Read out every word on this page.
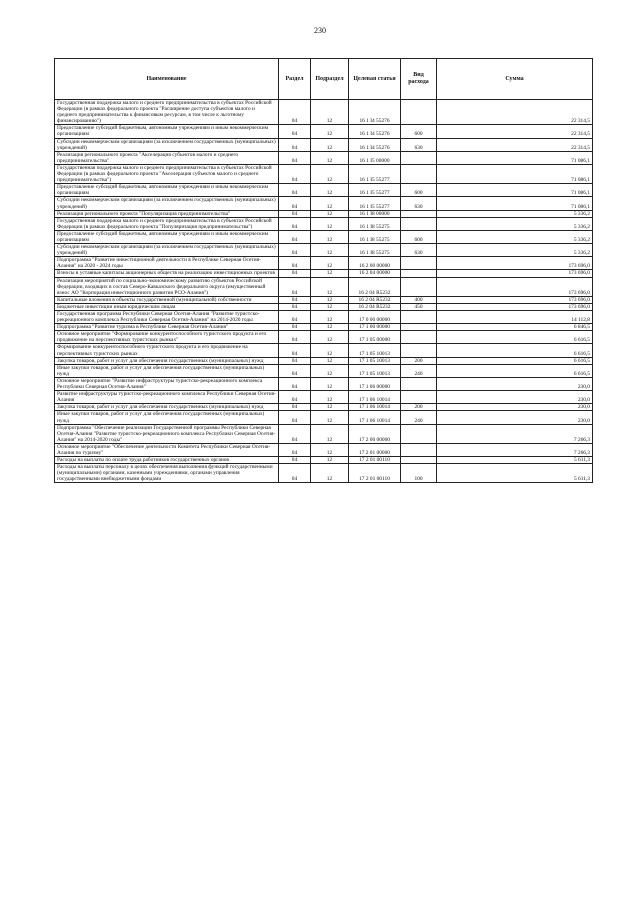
230
Наименование	Раздел	Подраздел	Целевая статья	Вид расхода	Сумма
Государственная поддержка малого и среднего предпринимательства в субъектах Российской Федерации (в рамках федерального проекта "Расширение доступа субъектов малого и среднего предпринимательства к финансовым ресурсам, в том числе к льготному финансированию")	04	12	16 1 I4 55276		22 314,5
Предоставление субсидий бюджетным, автономным учреждениям и иным некоммерческим организациям	04	12	16 1 I4 55276	600	22 314,5
Субсидии некоммерческим организациям (за исключением государственных (муниципальных) учреждений)	04	12	16 1 I4 55276	630	22 314,5
Реализация регионального проекта "Акселерация субъектов малого и среднего предпринимательства"	04	12	16 1 I5 00000		71 086,1
Государственная поддержка малого и среднего предпринимательства в субъектах Российской Федерации (в рамках федерального проекта "Акселерация субъектов малого и среднего предпринимательства")	04	12	16 1 I5 55277		71 086,1
Предоставление субсидий бюджетным, автономным учреждениям и иным некоммерческим организациям	04	12	16 1 I5 55277	600	71 086,1
Субсидии некоммерческим организациям (за исключением государственных (муниципальных) учреждений)	04	12	16 1 I5 55277	630	71 086,1
Реализация регионального проекта "Популяризация предпринимательства"	04	12	16 1 I8 00000		5 336,2
Государственная поддержка малого и среднего предпринимательства в субъектах Российской Федерации (в рамках федерального проекта "Популяризация предпринимательства")	04	12	16 1 I8 55275		5 336,2
Предоставление субсидий бюджетным, автономным учреждениям и иным некоммерческим организациям	04	12	16 1 I8 55275	600	5 336,2
Субсидии некоммерческим организациям (за исключением государственных (муниципальных) учреждений)	04	12	16 1 I8 55275	630	5 336,2
Подпрограмма "Развитие инвестиционной деятельности в Республике Северная Осетия-Алания" на 2020 - 2024 годы	04	12	16 2 00 00000		173 696,0
Взносы в уставные капиталы акционерных обществ на реализацию инвестиционных проектов	04	12	16 2 04 00000		173 696,0
Реализация мероприятий по социально-экономическому развитию субъектов Российской Федерации, входящих в состав Северо-Кавказского федерального округа (имущественный взнос АО "Корпорация инвестиционного развития РСО-Алания")	04	12	16 2 04 R5232		173 696,0
Капитальные вложения в объекты государственной (муниципальной) собственности	04	12	16 2 04 R5232	400	173 696,0
Бюджетные инвестиции иным юридическим лицам	04	12	16 2 04 R5232	450	173 696,0
Государственная программа Республики Северная Осетия-Алания "Развитие туристско-рекреационного комплекса Республики Северная Осетия-Алания" на 2014-2020 годы	04	12	17 0 00 00000		14 112,8
Подпрограмма "Развитие туризма в Республике Северная Осетия-Алания"	04	12	17 1 00 00000		6 846,5
Основное мероприятие "Формирование конкурентоспособного туристского продукта и его продвижение на перспективных туристских рынках"	04	12	17 1 05 00000		6 616,5
Формирование конкурентоспособного туристского продукта и его продвижение на перспективных туристских рынках	04	12	17 1 05 10013		6 616,5
Закупка товаров, работ и услуг для обеспечения государственных (муниципальных) нужд	04	12	17 1 05 10013	200	6 616,5
Иные закупки товаров, работ и услуг для обеспечения государственных (муниципальных) нужд	04	12	17 1 05 10013	240	6 616,5
Основное мероприятие "Развитие инфраструктуры туристско-рекреационного комплекса Республики Северная Осетия-Алания"	04	12	17 1 06 00000		230,0
Развитие инфраструктуры туристско-рекреационного комплекса Республики Северная Осетия-Алания	04	12	17 1 06 10014		230,0
Закупка товаров, работ и услуг для обеспечения государственных (муниципальных) нужд	04	12	17 1 06 10014	200	230,0
Иные закупки товаров, работ и услуг для обеспечения государственных (муниципальных) нужд	04	12	17 1 06 10014	240	230,0
Подпрограмма "Обеспечение реализации Государственной программы Республики Северная Осетия-Алания "Развитие туристско-рекреационного комплекса Республики Северная Осетия-Алания" на 2014-2020 годы"	04	12	17 2 00 00000		7 266,3
Основное мероприятие "Обеспечение деятельности Комитета Республики Северная Осетия-Алания по туризму"	04	12	17 2 01 00000		7 266,3
Расходы на выплаты по оплате труда работников государственных органов	04	12	17 2 01 00110		5 611,3
Расходы на выплаты персоналу в целях обеспечения выполнения функций государственными (муниципальными) органами, казенными учреждениями, органами управления государственными внебюджетными фондами	04	12	17 2 01 00110	100	5 611,3
